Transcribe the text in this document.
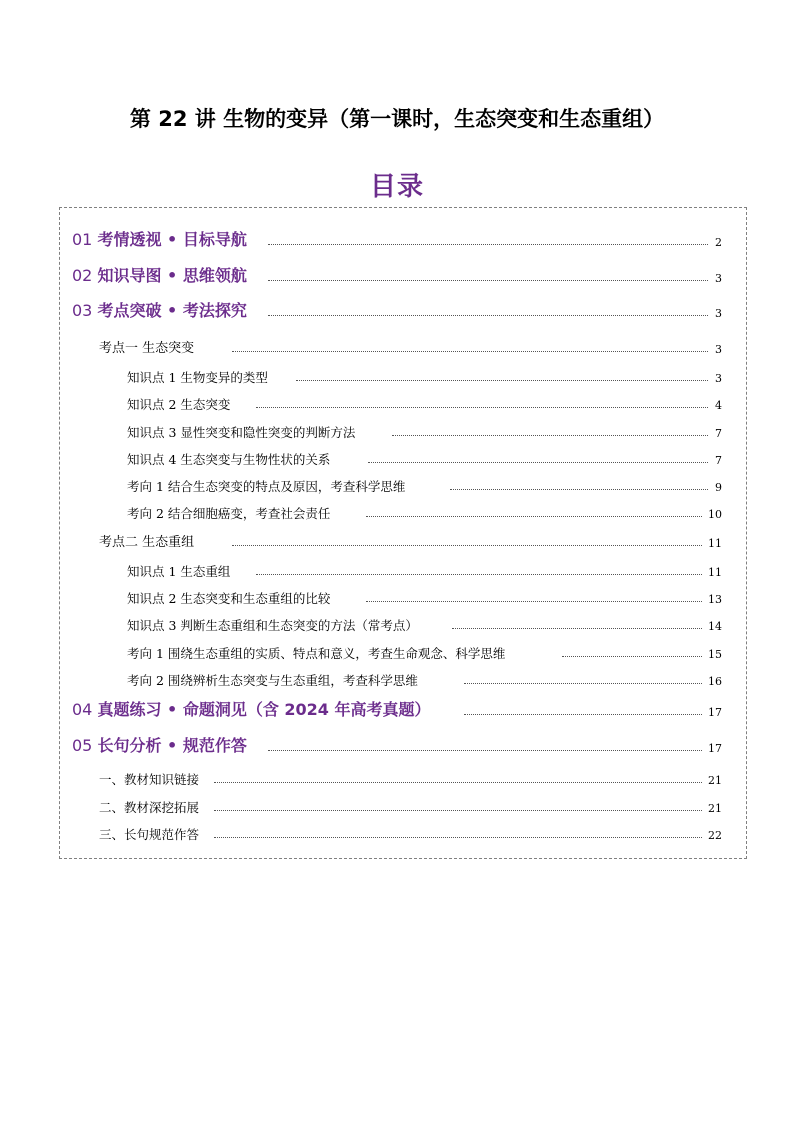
第 22 讲 生物的变异（第一课时，生态突变和生态重组）
目录
01 考情透视 • 目标导航	2
02 知识导图 • 思维领航	3
03 考点突破 • 考法探究	3
考点一 生态突变	3
知识点 1 生物变异的类型	3
知识点 2 生态突变	4
知识点 3 显性突变和隐性突变的判断方法	7
知识点 4 生态突变与生物性状的关系	7
考向 1 结合生态突变的特点及原因，考查科学思维	9
考向 2 结合细胞癌变，考查社会责任	10
考点二 生态重组	11
知识点 1 生态重组	11
知识点 2 生态突变和生态重组的比较	13
知识点 3 判断生态重组和生态突变的方法（常考点）	14
考向 1 围绕生态重组的实质、特点和意义，考查生命观念、科学思维	15
考向 2 围绕辨析生态突变与生态重组，考查科学思维	16
04 真题练习 • 命题洞见（含 2024 年高考真题）	17
05 长句分析 • 规范作答	17
一、教材知识链接	21
二、教材深挖拓展	21
三、长句规范作答	22
